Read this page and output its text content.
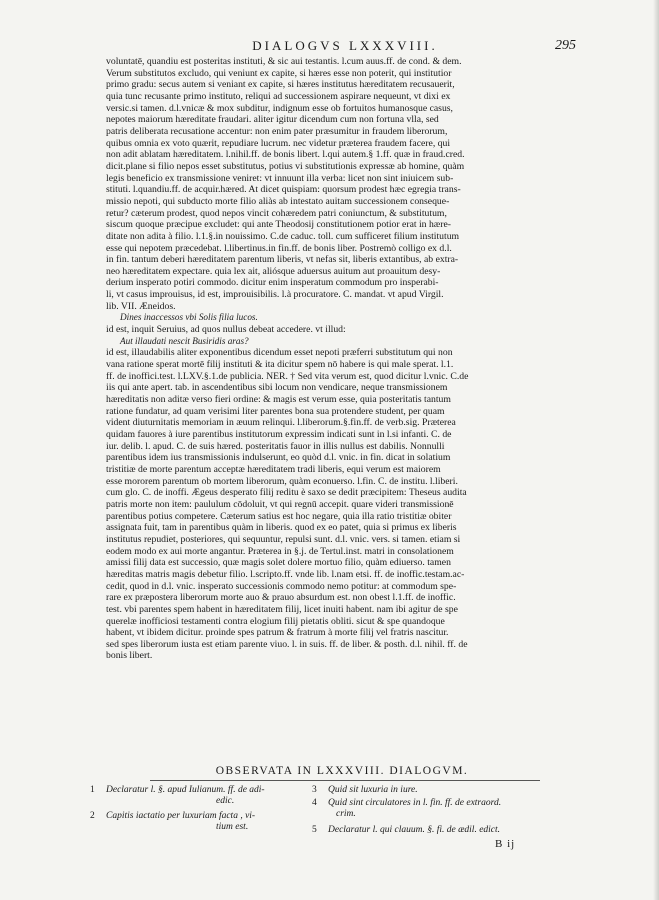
DIALOGVS LXXXVIII.	295

voluntatē, quandiu est posteritas instituti, & sic aui testantis. l.cum auus.ff. de cond. & dem.

Verum substitutos excludo, qui veniunt ex capite, si hæres esse non poterit, qui institutior

primo gradu: secus autem si veniant ex capite, si hæres institutus hæreditatem recusauerit,

quia tunc recusante primo instituto, reliqui ad successionem aspirare nequeunt, vt dixi ex

versic.si tamen. d.l.vnicæ & mox subditur, indignum esse ob fortuitos humanosque casus,

nepotes maiorum hæreditate fraudari. aliter igitur dicendum cum non fortuna vlla, sed

patris deliberata recusatione accentur: non enim pater præsumitur in fraudem liberorum,

quibus omnia ex voto quærit, repudiare lucrum. nec videtur præterea fraudem facere, qui

non adit ablatam hæreditatem. l.nihil.ff. de bonis libert. l.qui autem.§ 1.ff. quæ in fraud.cred.

dicit.plane si filio nepos esset substitutus, potius vi substitutionis expressæ ab homine, quàm

legis beneficio ex transmissione veniret: vt innuunt illa verba: licet non sint iniuicem sub-

stituti. l.quandiu.ff. de acquir.hæred. At dicet quispiam: quorsum prodest hæc egregia trans-

missio nepoti, qui subducto morte filio aliàs ab intestato auitam successionem conseque-

retur? cæterum prodest, quod nepos vincit cohæredem patri coniunctum, & substitutum,

siscum quoque præcipue excludet: qui ante Theodosij constitutionem potior erat in hære-

ditate non adita à filio. l.1.§.in nouissimo. C.de caduc. toll. cum sufficeret filium institutum

esse qui nepotem præcedebat. l.libertinus.in fin.ff. de bonis liber. Postremò colligo ex d.l.

in fin. tantum deberi hæreditatem parentum liberis, vt nefas sit, liberis extantibus, ab extra-

neo hæreditatem expectare. quia lex ait, aliósque aduersus auitum aut proauitum desy-

derium insperato potiri commodo. dicitur enim insperatum commodum pro insperabi-

li, vt casus improuisus, id est, improuisibilis. l.à procuratore. C. mandat. vt apud Virgil.

lib. VII. Æneidos.

Dines inaccessos vbi Solis filia lucos.

id est, inquit Seruius, ad quos nullus debeat accedere. vt illud:

Aut illaudati nescit Busiridis aras?

id est, illaudabilis aliter exponentibus dicendum esset nepoti præferri substitutum qui non

vana ratione sperat mortē filij instituti & ita dicitur spem nō habere is qui male sperat. l.1.

ff. de inoffici.test. l.LXV.§.1.de publicia. NER. † Sed vita verum est, quod dicitur l.vnic. C.de

iis qui ante apert. tab. in ascendentibus sibi locum non vendicare, neque transmissionem

hæreditatis non aditæ verso fieri ordine: & magis est verum esse, quia posteritatis tantum

ratione fundatur, ad quam verisimi liter parentes bona sua protendere student, per quam

vident diuturnitatis memoriam in æuum relinqui. l.liberorum.§.fin.ff. de verb.sig. Præterea

quidam fauores à iure parentibus institutorum expressim indicati sunt in l.si infanti. C. de

iur. delib. l. apud. C. de suis hæred. posteritatis fauor in illis nullus est dabilis. Nonnulli

parentibus idem ius transmissionis indulserunt, eo quòd d.l. vnic. in fin. dicat in solatium

tristitiæ de morte parentum acceptæ hæreditatem tradi liberis, equi verum est maiorem

esse mororem parentum ob mortem liberorum, quàm econuerso. l.fin. C. de institu. l.liberi.

cum glo. C. de inoffi. Ægeus desperato filij reditu è saxo se dedit præcipitem: Theseus audita

patris morte non item: paululum cōdoluit, vt qui regnū accepit. quare videri transmissionē

parentibus potius competere. Cæterum satius est hoc negare, quia illa ratio tristitiæ obiter

assignata fuit, tam in parentibus quàm in liberis. quod ex eo patet, quia si primus ex liberis

institutus repudiet, posteriores, qui sequuntur, repulsi sunt. d.l. vnic. vers. si tamen. etiam si

eodem modo ex aui morte angantur. Præterea in §.j. de Tertul.inst. matri in consolationem

amissi filij data est successio, quæ magis solet dolere mortuo filio, quàm ediuerso. tamen

hæreditas matris magis debetur filio. l.scripto.ff. vnde lib. l.nam etsi. ff. de inoffic.testam.ac-

cedit, quod in d.l. vnic. insperato successionis commodo nemo potitur: at commodum spe-

rare ex præpostera liberorum morte auo & prauo absurdum est. non obest l.1.ff. de inoffic.

test. vbi parentes spem habent in hæreditatem filij, licet inuiti habent. nam ibi agitur de spe

querelæ inofficiosi testamenti contra elogium filij pietatis obliti. sicut & spe quandoque

habent, vt ibidem dicitur. proinde spes patrum & fratrum à morte filij vel fratris nascitur.

sed spes liberorum iusta est etiam parente viuo. l. in suis. ff. de liber. & posth. d.l. nihil. ff. de

bonis libert.

OBSERVATA IN LXXXVIII. DIALOGVM.
1 Declaratur l. §. apud Iulianum. ff. de adi-
edic.
2 Capitis iactatio per luxuriam facta , vi-
tium est.
3 Quid sit luxuria in iure.
4 Quid sint circulatores in l. fin. ff. de extraord.
crim.
5 Declaratur l. qui clauum. §. fi. de ædil. edict.
B ij
